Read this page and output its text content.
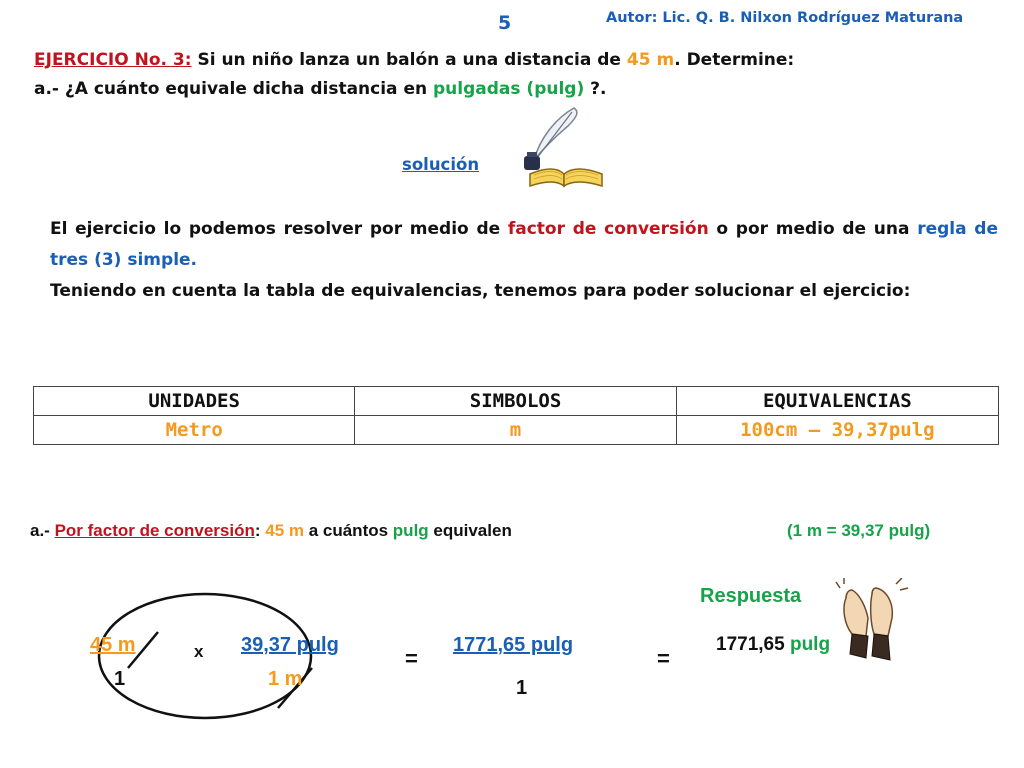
5	Autor: Lic. Q. B. Nilxon Rodríguez Maturana
EJERCICIO No. 3: Si un niño lanza un balón a una distancia de 45 m. Determine:
a.- ¿A cuánto equivale dicha distancia en pulgadas (pulg) ?.
solución
El ejercicio lo podemos resolver por medio de factor de conversión o por medio de una regla de tres (3) simple.
Teniendo en cuenta la tabla de equivalencias, tenemos para poder solucionar el ejercicio:
UNIDADES	SIMBOLOS	EQUIVALENCIAS
Metro	m	100cm – 39,37pulg
a.- Por factor de conversión: 45 m a cuántos pulg equivalen	(1 m = 39,37 pulg)
Respuesta
45 m
1
x 39,37 pulg
1 m
=
1771,65 pulg
1
=
1771,65 pulg
